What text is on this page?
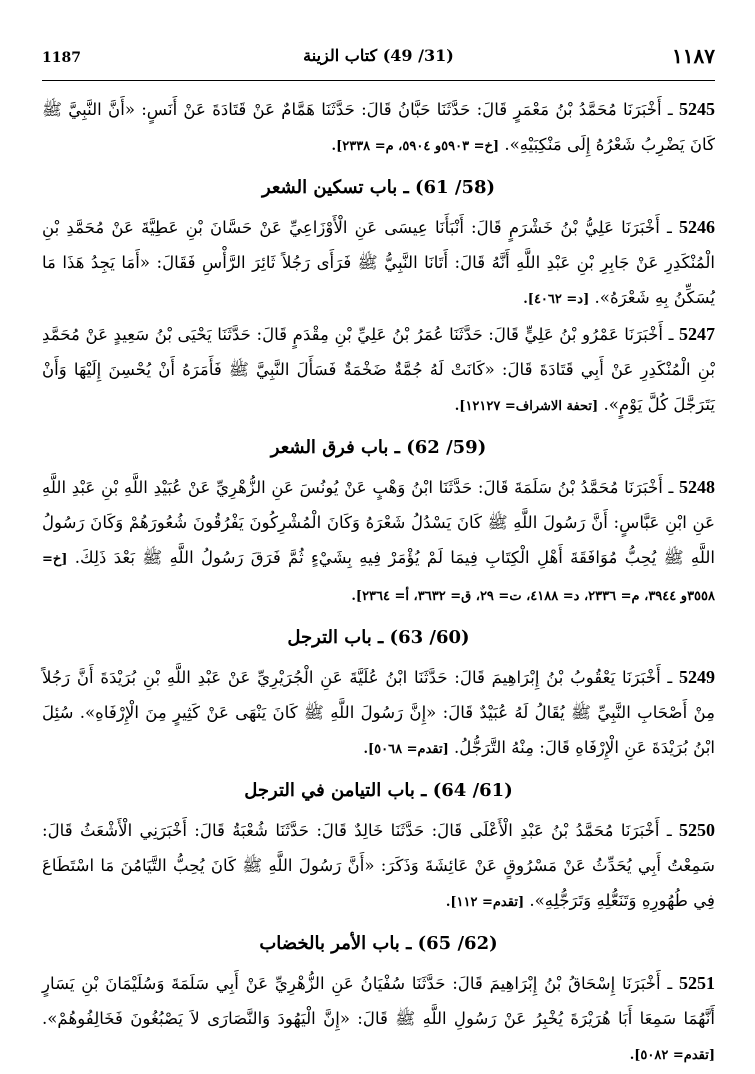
1187	(31/ 49) كتاب الزينة	١١٨٧

5245 ـ أَخْبَرَنَا مُحَمَّدُ بْنُ مَعْمَرٍ قَالَ: حَدَّثَنَا حَبَّانُ قَالَ: حَدَّثَنَا هَمَّامٌ عَنْ قَتَادَةَ عَنْ أَنَسٍ: «أَنَّ النَّبِيَّ ﷺ كَانَ يَضْرِبُ شَعْرُهُ إِلَى مَنْكِبَيْهِ». [خ= ٥٩٠٣و ٥٩٠٤، م= ٢٣٣٨].

(58/ 61) ـ باب تسكين الشعر

5246 ـ أَخْبَرَنَا عَلِيُّ بْنُ خَشْرَمٍ قَالَ: أَنْبَأَنَا عِيسَى عَنِ الْأَوْزَاعِيِّ عَنْ حَسَّانَ بْنِ عَطِيَّةَ عَنْ مُحَمَّدِ بْنِ الْمُنْكَدِرِ عَنْ جَابِرِ بْنِ عَبْدِ اللَّهِ أَنَّهُ قَالَ: أَتَانَا النَّبِيُّ ﷺ فَرَأَى رَجُلاً ثَائِرَ الرَّأْسِ فَقَالَ: «أَمَا يَجِدُ هَذَا مَا يُسَكِّنُ بِهِ شَعْرَهُ». [د= ٤٠٦٢].

5247 ـ أَخْبَرَنَا عَمْرُو بْنُ عَلِيٍّ قَالَ: حَدَّثَنَا عُمَرُ بْنُ عَلِيِّ بْنِ مِقْدَمٍ قَالَ: حَدَّثَنَا يَحْيَى بْنُ سَعِيدٍ عَنْ مُحَمَّدِ بْنِ الْمُنْكَدِرِ عَنْ أَبِي قَتَادَةَ قَالَ: «كَانَتْ لَهُ جُمَّةٌ ضَخْمَةٌ فَسَأَلَ النَّبِيَّ ﷺ فَأَمَرَهُ أَنْ يُحْسِنَ إِلَيْهَا وَأَنْ يَتَرَجَّلَ كُلَّ يَوْمٍ». [تحفة الاشراف= ١٢١٢٧].

(59/ 62) ـ باب فرق الشعر

5248 ـ أَخْبَرَنَا مُحَمَّدُ بْنُ سَلَمَةَ قَالَ: حَدَّثَنَا ابْنُ وَهْبٍ عَنْ يُونُسَ عَنِ الزُّهْرِيِّ عَنْ عُبَيْدِ اللَّهِ بْنِ عَبْدِ اللَّهِ عَنِ ابْنِ عَبَّاسٍ: أَنَّ رَسُولَ اللَّهِ ﷺ كَانَ يَسْدُلُ شَعْرَهُ وَكَانَ الْمُشْرِكُونَ يَفْرُقُونَ شُعُورَهُمْ وَكَانَ رَسُولُ اللَّهِ ﷺ يُحِبُّ مُوَافَقَةَ أَهْلِ الْكِتَابِ فِيمَا لَمْ يُؤْمَرْ فِيهِ بِشَيْءٍ ثُمَّ فَرَقَ رَسُولُ اللَّهِ ﷺ بَعْدَ ذَلِكَ. [خ= ٣٥٥٨و ٣٩٤٤، م= ٢٣٣٦، د= ٤١٨٨، ت= ٢٩، ق= ٣٦٣٢، أ= ٢٣٦٤].

(60/ 63) ـ باب الترجل

5249 ـ أَخْبَرَنَا يَعْقُوبُ بْنُ إِبْرَاهِيمَ قَالَ: حَدَّثَنَا ابْنُ عُلَيَّةَ عَنِ الْجُرَيْرِيِّ عَنْ عَبْدِ اللَّهِ بْنِ بُرَيْدَةَ أَنَّ رَجُلاً مِنْ أَصْحَابِ النَّبِيِّ ﷺ يُقَالُ لَهُ عُبَيْدٌ قَالَ: «إِنَّ رَسُولَ اللَّهِ ﷺ كَانَ يَنْهَى عَنْ كَثِيرٍ مِنَ الْإِرْفَاهِ». سُئِلَ ابْنُ بُرَيْدَةَ عَنِ الْإِرْفَاهِ قَالَ: مِنْهُ التَّرَجُّلُ. [تقدم= ٥٠٦٨].

(61/ 64) ـ باب التيامن في الترجل

5250 ـ أَخْبَرَنَا مُحَمَّدُ بْنُ عَبْدِ الْأَعْلَى قَالَ: حَدَّثَنَا خَالِدٌ قَالَ: حَدَّثَنَا شُعْبَةُ قَالَ: أَخْبَرَنِي الْأَشْعَثُ قَالَ: سَمِعْتُ أَبِي يُحَدِّثُ عَنْ مَسْرُوقٍ عَنْ عَائِشَةَ وَذَكَرَ: «أَنَّ رَسُولَ اللَّهِ ﷺ كَانَ يُحِبُّ التَّيَامُنَ مَا اسْتَطَاعَ فِي طُهُورِهِ وَتَنَعُّلِهِ وَتَرَجُّلِهِ». [تقدم= ١١٢].

(62/ 65) ـ باب الأمر بالخضاب

5251 ـ أَخْبَرَنَا إِسْحَاقُ بْنُ إِبْرَاهِيمَ قَالَ: حَدَّثَنَا سُفْيَانُ عَنِ الزُّهْرِيِّ عَنْ أَبِي سَلَمَةَ وَسُلَيْمَانَ بْنِ يَسَارٍ أَنَّهُمَا سَمِعَا أَبَا هُرَيْرَةَ يُخْبِرُ عَنْ رَسُولِ اللَّهِ ﷺ قَالَ: «إِنَّ الْيَهُودَ وَالنَّصَارَى لاَ يَصْبُغُونَ فَخَالِفُوهُمْ». [تقدم= ٥٠٨٢].
